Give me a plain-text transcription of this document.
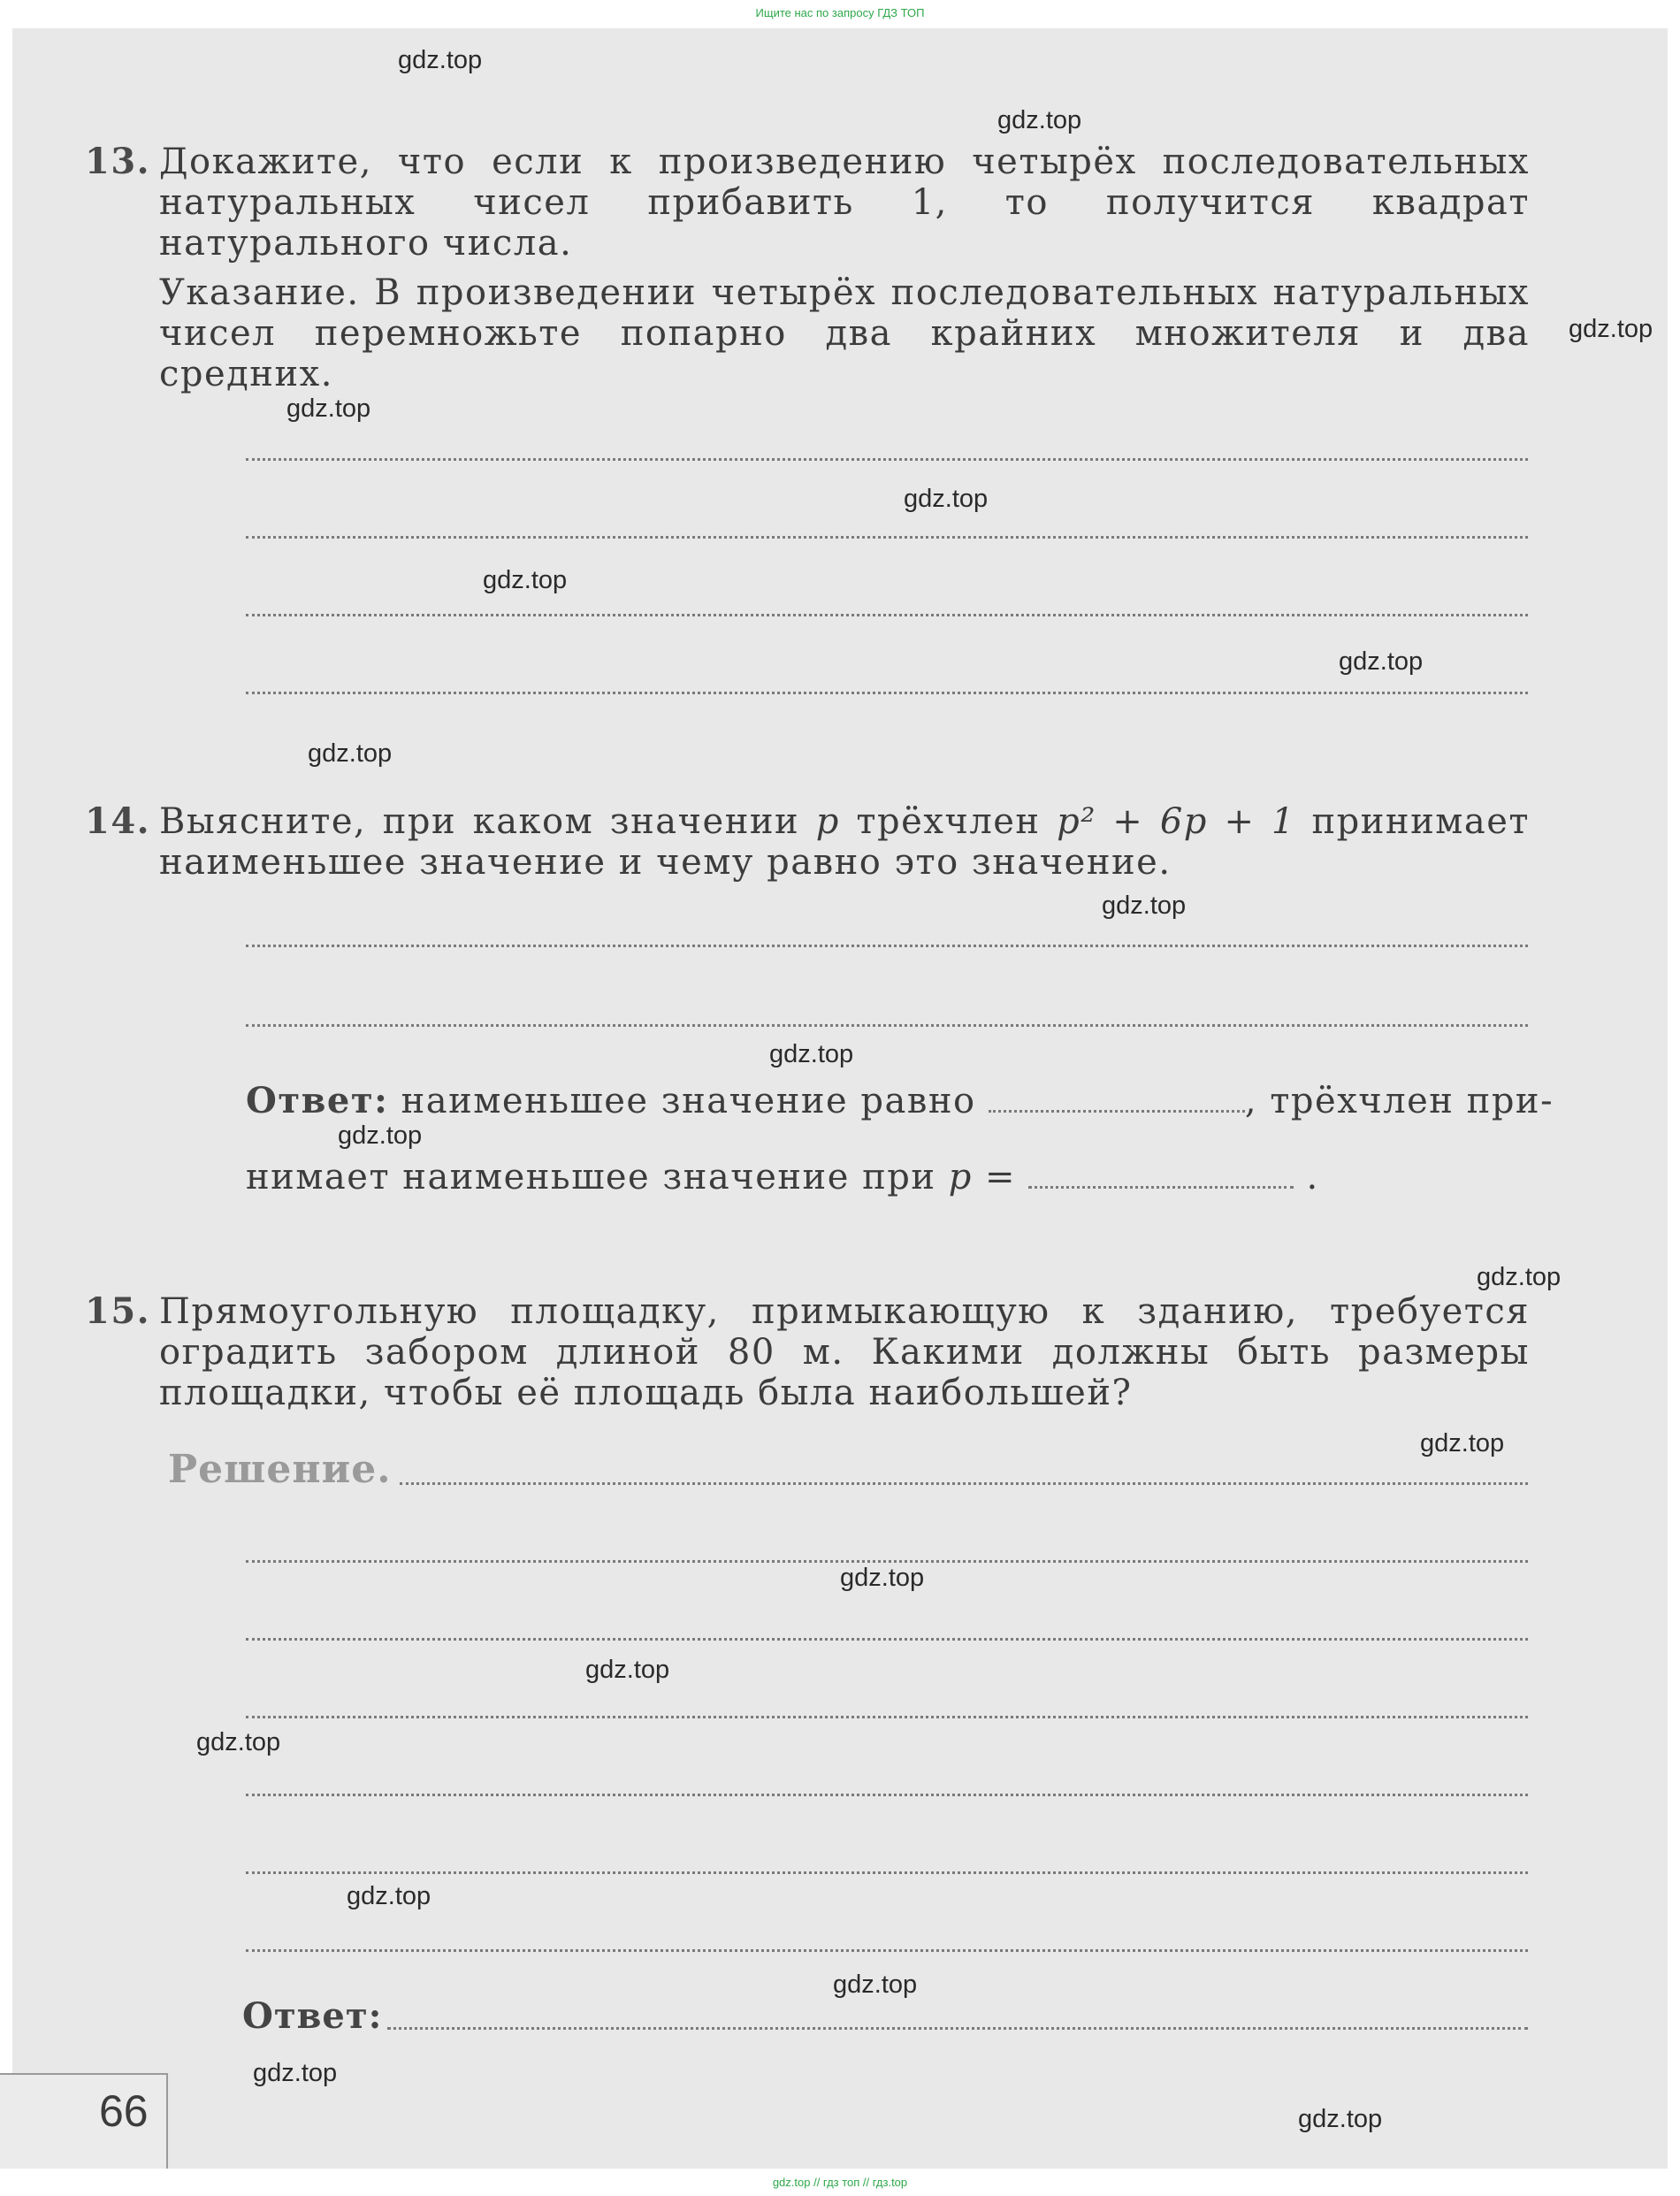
Ищите нас по запросу ГДЗ ТОП
13. Докажите, что если к произведению четырёх последовательных натуральных чисел прибавить 1, то получится квадрат натурального числа.

Указание. В произведении четырёх последовательных натуральных чисел перемножьте попарно два крайних множителя и два средних.

14. Выясните, при каком значении p трёхчлен p² + 6p + 1 принимает наименьшее значение и чему равно это значение.

Ответ: наименьшее значение равно	, трёхчлен при-
нимает наименьшее значение при p =	.
15. Прямоугольную площадку, примыкающую к зданию, требуется оградить забором длиной 80 м. Какими должны быть размеры площадки, чтобы её площадь была наибольшей?

Решение.
Ответ:
66
gdz.top
gdz.top
gdz.top
gdz.top
gdz.top
gdz.top
gdz.top
gdz.top
gdz.top
gdz.top
gdz.top
gdz.top
gdz.top
gdz.top
gdz.top
gdz.top
gdz.top
gdz.top
gdz.top
gdz.top
gdz.top // гдз топ // гдз.top
